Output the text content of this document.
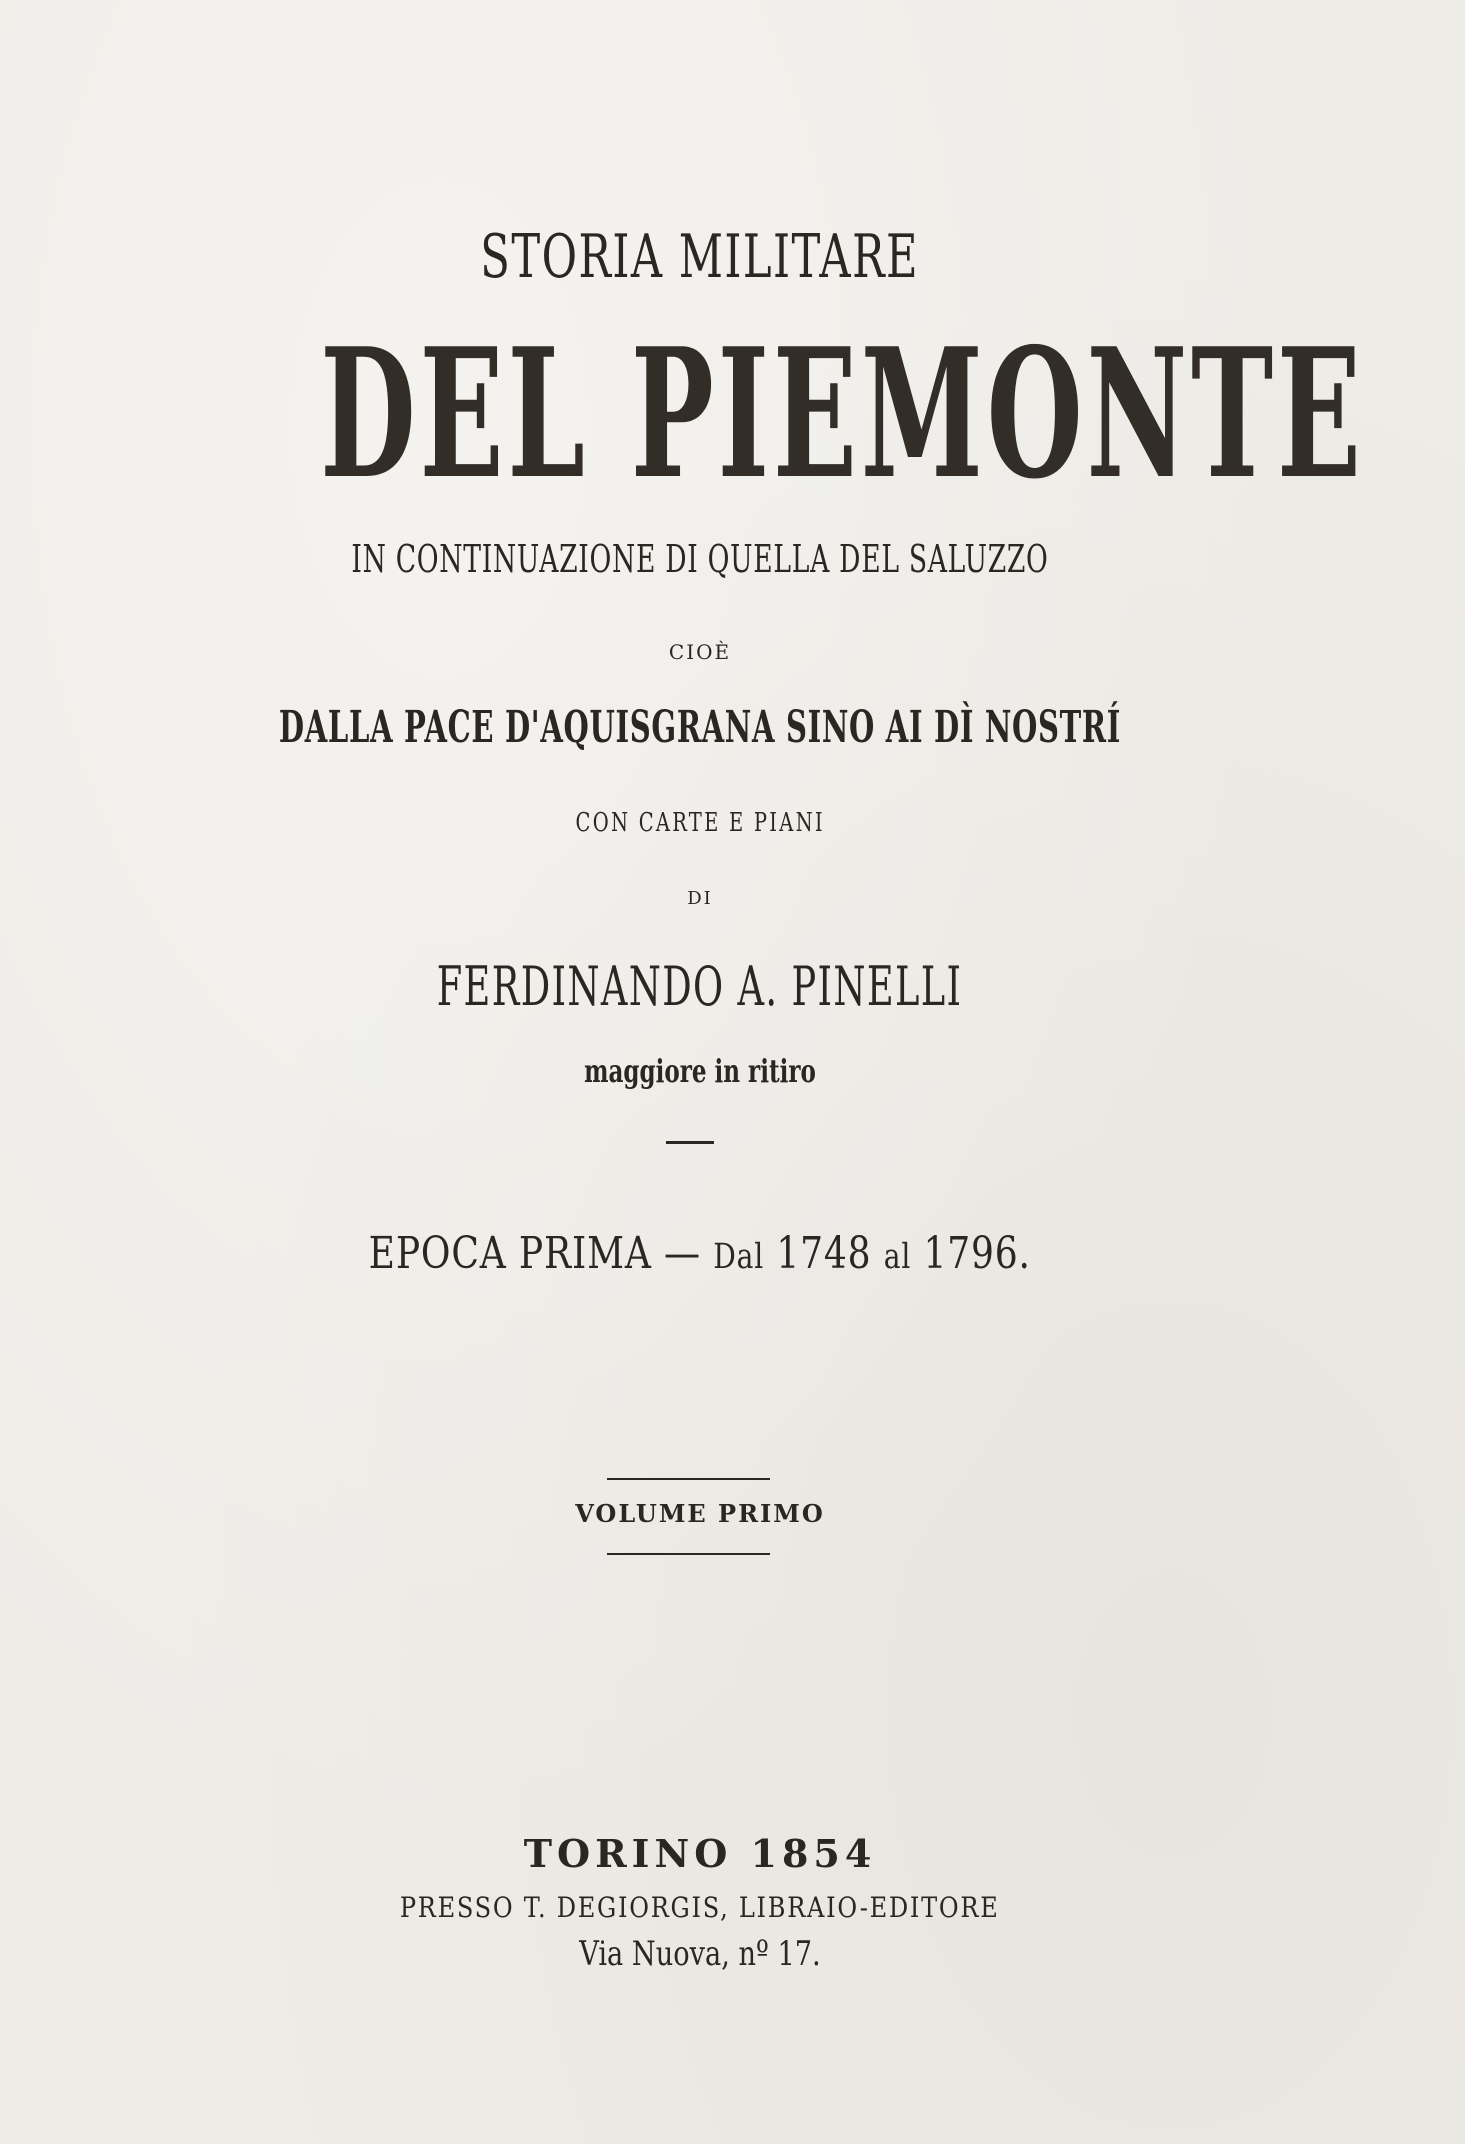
STORIA MILITARE
DEL PIEMONTE
IN CONTINUAZIONE DI QUELLA DEL SALUZZO
CIOÈ
DALLA PACE D'AQUISGRANA SINO AI DÌ NOSTRÍ
CON CARTE E PIANI
DI
FERDINANDO A. PINELLI
maggiore in ritiro
EPOCA PRIMA — Dal 1748 al 1796.
VOLUME PRIMO
TORINO 1854
PRESSO T. DEGIORGIS, LIBRAIO-EDITORE
Via Nuova, nº 17.
